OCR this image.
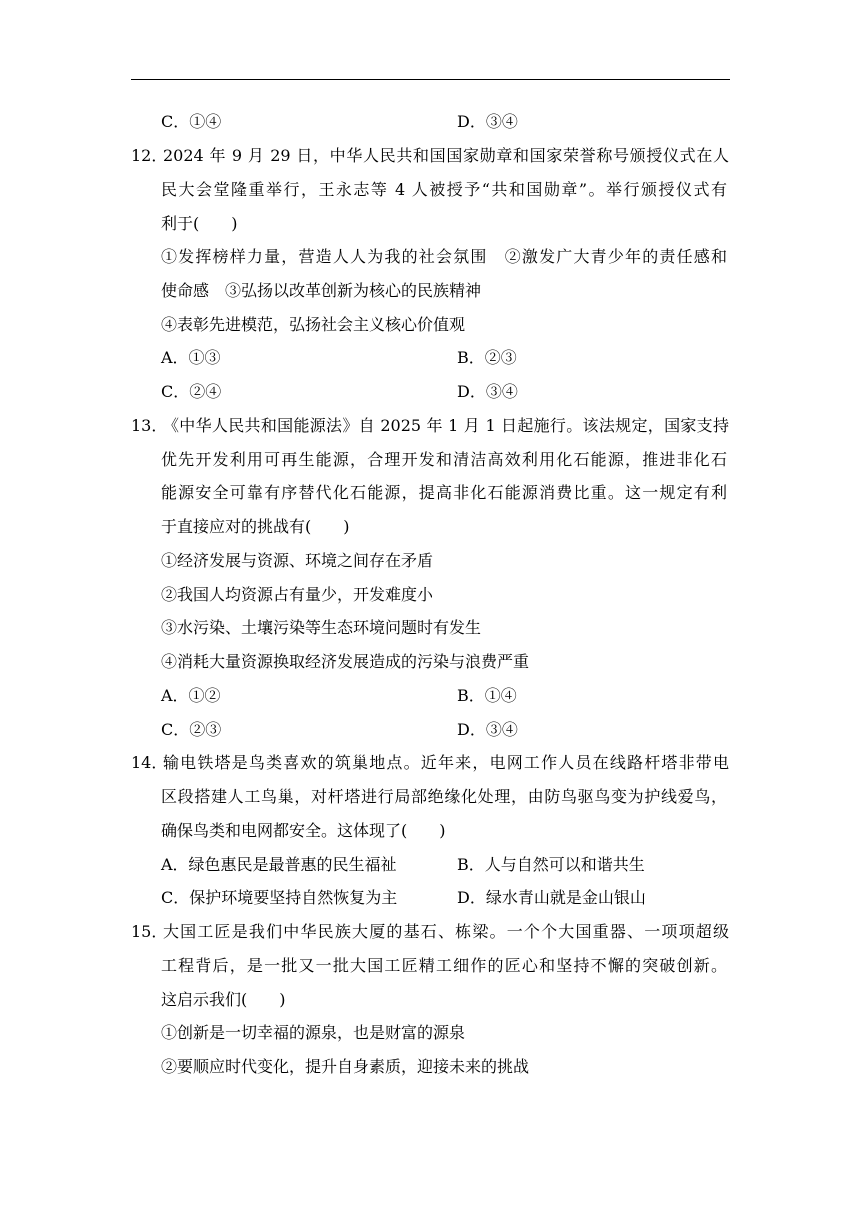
C．①④	D．③④
12．
2024 年 9 月 29 日，中华人民共和国国家勋章和国家荣誉称号颁授仪式在人
民大会堂隆重举行，王永志等 4 人被授予“共和国勋章”。举行颁授仪式有
利于(　　)
①发挥榜样力量，营造人人为我的社会氛围　②激发广大青少年的责任感和
使命感　③弘扬以改革创新为核心的民族精神
④表彰先进模范，弘扬社会主义核心价值观
A．①③	B．②③
C．②④	D．③④
13．
《中华人民共和国能源法》自 2025 年 1 月 1 日起施行。该法规定，国家支持
优先开发利用可再生能源，合理开发和清洁高效利用化石能源，推进非化石
能源安全可靠有序替代化石能源，提高非化石能源消费比重。这一规定有利
于直接应对的挑战有(　　)
①经济发展与资源、环境之间存在矛盾
②我国人均资源占有量少，开发难度小
③水污染、土壤污染等生态环境问题时有发生
④消耗大量资源换取经济发展造成的污染与浪费严重
A．①②	B．①④
C．②③	D．③④
14．
输电铁塔是鸟类喜欢的筑巢地点。近年来，电网工作人员在线路杆塔非带电
区段搭建人工鸟巢，对杆塔进行局部绝缘化处理，由防鸟驱鸟变为护线爱鸟，
确保鸟类和电网都安全。这体现了(　　)
A．绿色惠民是最普惠的民生福祉	B．人与自然可以和谐共生
C．保护环境要坚持自然恢复为主	D．绿水青山就是金山银山
15．
大国工匠是我们中华民族大厦的基石、栋梁。一个个大国重器、一项项超级
工程背后，是一批又一批大国工匠精工细作的匠心和坚持不懈的突破创新。
这启示我们(　　)
①创新是一切幸福的源泉，也是财富的源泉
②要顺应时代变化，提升自身素质，迎接未来的挑战
